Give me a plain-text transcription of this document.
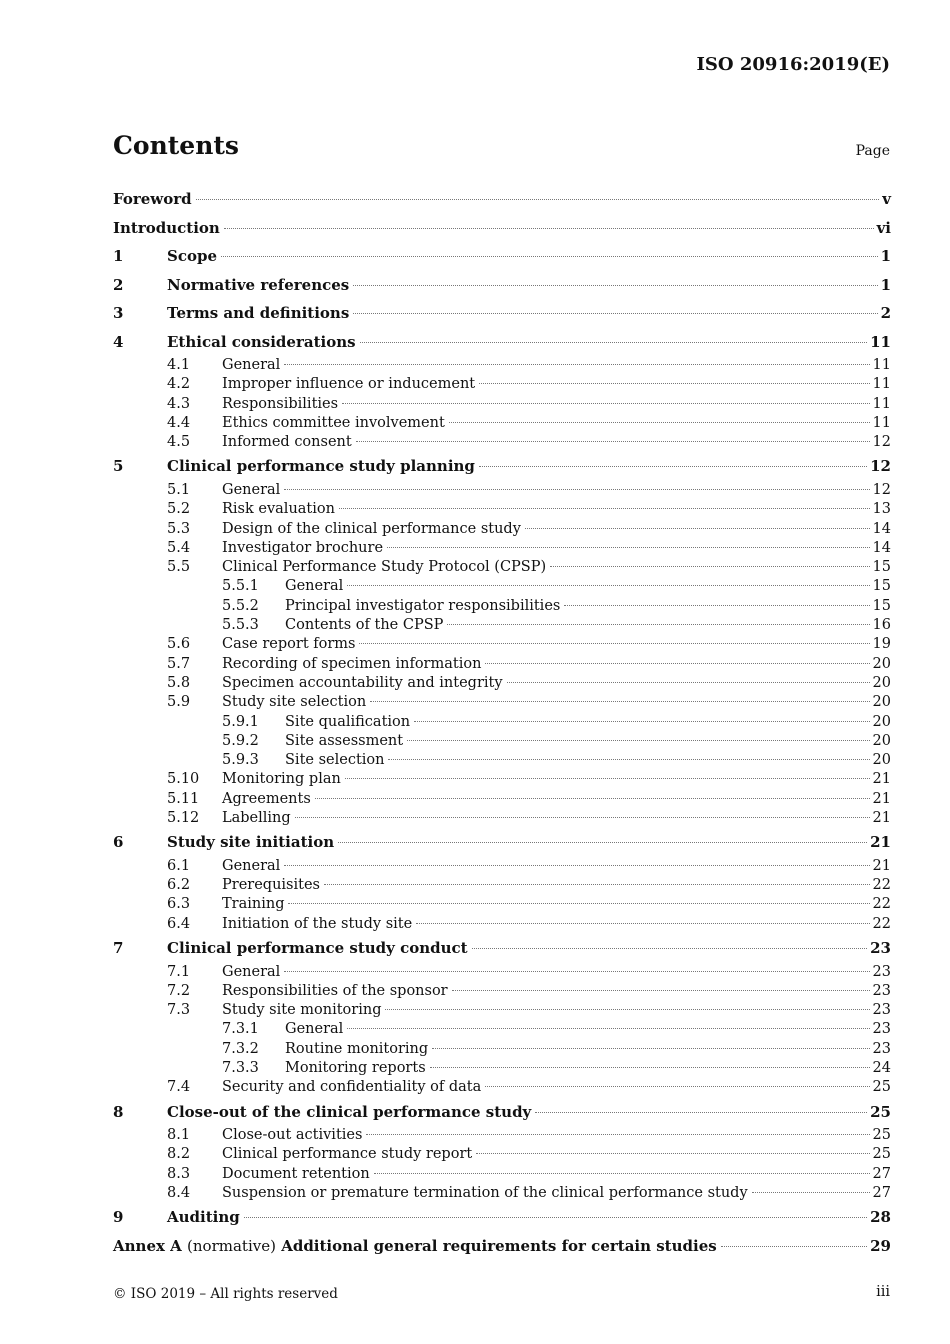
ISO 20916:2019(E)
Contents	Page
Foreword	v
Introduction	vi
1	Scope	1
2	Normative references	1
3	Terms and definitions	2
4	Ethical considerations	11
4.1 General	11
4.2 Improper influence or inducement	11
4.3 Responsibilities	11
4.4 Ethics committee involvement	11
4.5 Informed consent	12
5	Clinical performance study planning	12
5.1 General	12
5.2 Risk evaluation	13
5.3 Design of the clinical performance study	14
5.4 Investigator brochure	14
5.5 Clinical Performance Study Protocol (CPSP)	15
5.5.1 General	15
5.5.2 Principal investigator responsibilities	15
5.5.3 Contents of the CPSP	16
5.6 Case report forms	19
5.7 Recording of specimen information	20
5.8 Specimen accountability and integrity	20
5.9 Study site selection	20
5.9.1 Site qualification	20
5.9.2 Site assessment	20
5.9.3 Site selection	20
5.10 Monitoring plan	21
5.11 Agreements	21
5.12 Labelling	21
6	Study site initiation	21
6.1 General	21
6.2 Prerequisites	22
6.3 Training	22
6.4 Initiation of the study site	22
7	Clinical performance study conduct	23
7.1 General	23
7.2 Responsibilities of the sponsor	23
7.3 Study site monitoring	23
7.3.1 General	23
7.3.2 Routine monitoring	23
7.3.3 Monitoring reports	24
7.4 Security and confidentiality of data	25
8	Close-out of the clinical performance study	25
8.1 Close-out activities	25
8.2 Clinical performance study report	25
8.3 Document retention	27
8.4 Suspension or premature termination of the clinical performance study	27
9	Auditing	28
Annex A (normative) Additional general requirements for certain studies	29
© ISO 2019 – All rights reserved	iii
